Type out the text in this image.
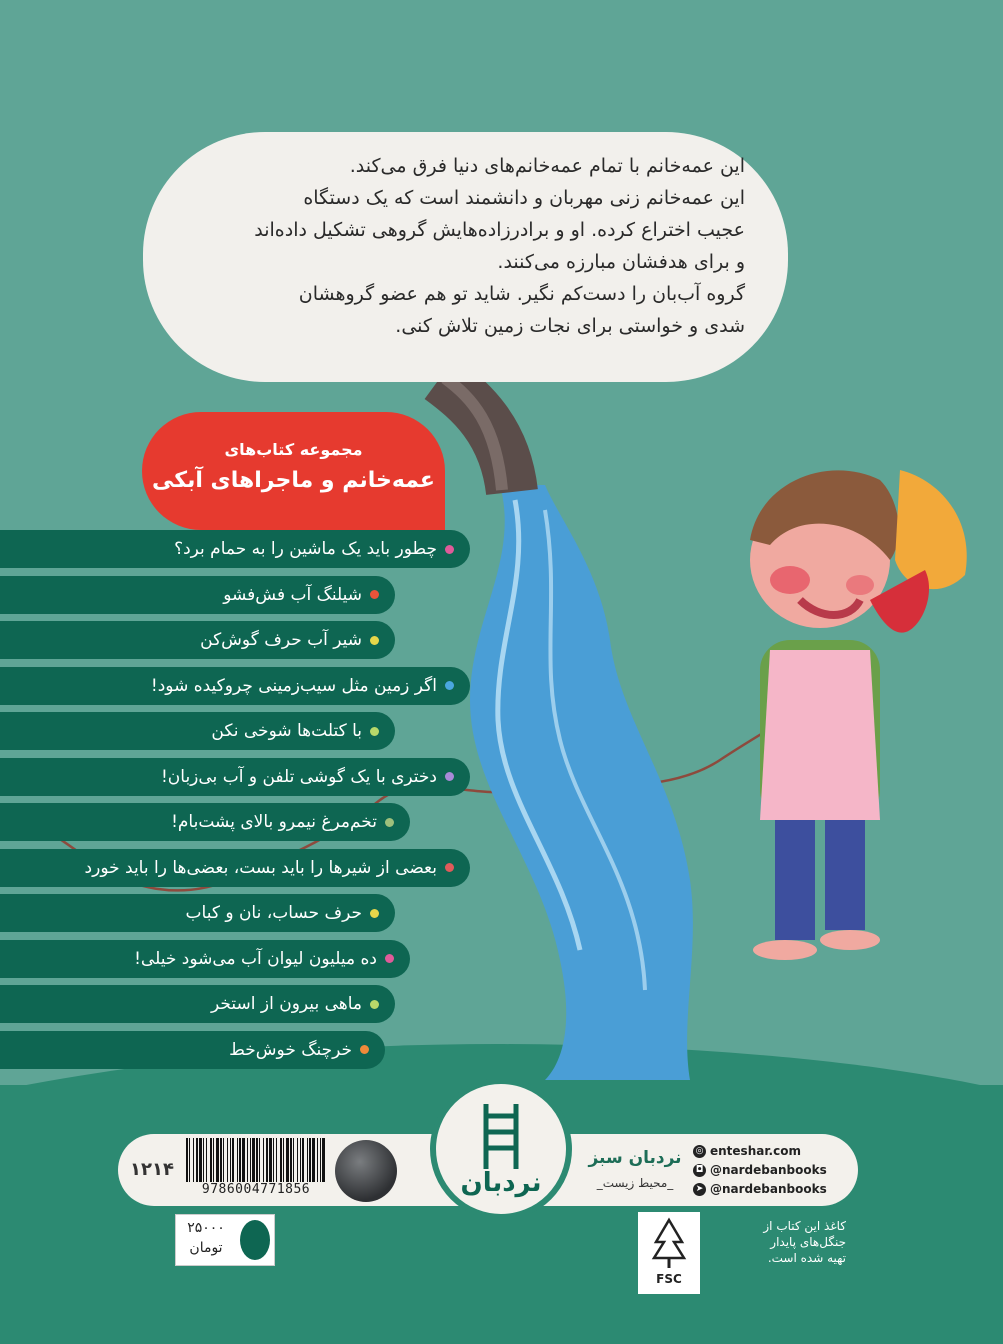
این عمه‌خانم با تمام عمه‌خانم‌های دنیا فرق می‌کند.
این عمه‌خانم زنی مهربان و دانشمند است که یک دستگاه
عجیب اختراع کرده. او و برادرزاده‌هایش گروهی تشکیل داده‌اند
و برای هدفشان مبارزه می‌کنند.
گروه آب‌بان را دست‌کم نگیر. شاید تو هم عضو گروهشان
شدی و خواستی برای نجات زمین تلاش کنی.

مجموعه کتاب‌های
عمه‌خانم و ماجراهای آبکی
چطور باید یک ماشین را به حمام برد؟
شیلنگ آب فش‌فشو
شیر آب حرف گوش‌کن
اگر زمین مثل سیب‌زمینی چروکیده شود!
با کتلت‌ها شوخی نکن
دختری با یک گوشی تلفن و آب بی‌زبان!
تخم‌مرغ نیمرو بالای پشت‌بام!
بعضی از شیرها را باید بست، بعضی‌ها را باید خورد
حرف حساب، نان و کباب
ده میلیون لیوان آب می‌شود خیلی!
ماهی بیرون از استخر
خرچنگ خوش‌خط
۱۲۱۴
9786004771856	نردبان
نردبان سبز
_محیط زیست_
◎ enteshar.com
◘ @nardebanbooks
➤ @nardebanbooks
۲۵۰۰۰
تومان
FSC
کاغذ این کتاب از
جنگل‌های پایدار
تهیه شده است.
